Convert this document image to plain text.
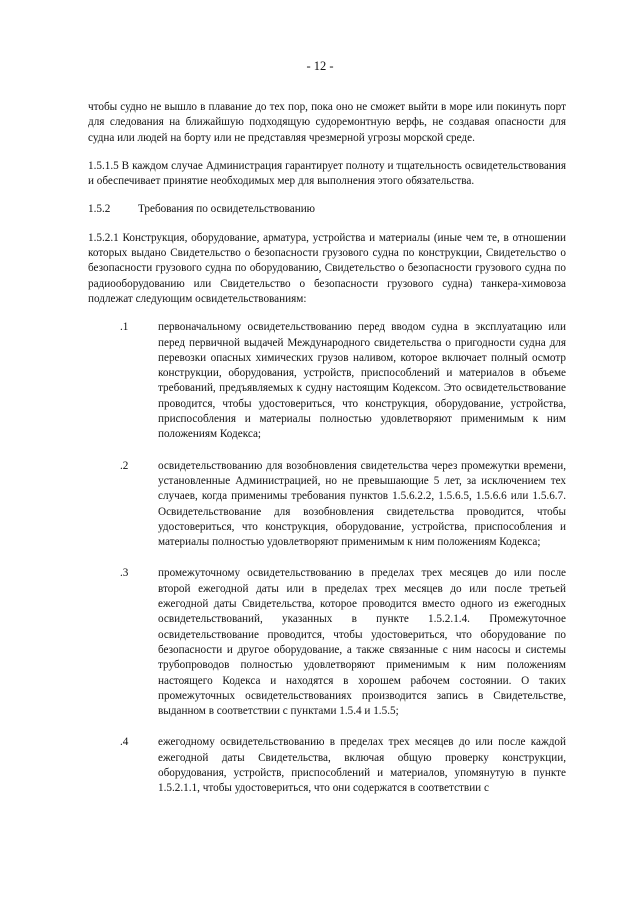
- 12 -

чтобы судно не вышло в плавание до тех пор, пока оно не сможет выйти в море или покинуть порт для следования на ближайшую подходящую судоремонтную верфь, не создавая опасности для судна или людей на борту или не представляя чрезмерной угрозы морской среде.

1.5.1.5 В каждом случае Администрация гарантирует полноту и тщательность освидетельствования и обеспечивает принятие необходимых мер для выполнения этого обязательства.

1.5.2	Требования по освидетельствованию

1.5.2.1 Конструкция, оборудование, арматура, устройства и материалы (иные чем те, в отношении которых выдано Свидетельство о безопасности грузового судна по конструкции, Свидетельство о безопасности грузового судна по оборудованию, Свидетельство о безопасности грузового судна по радиооборудованию или Свидетельство о безопасности грузового судна) танкера-химовоза подлежат следующим освидетельствованиям:

.1	первоначальному освидетельствованию перед вводом судна в эксплуатацию или перед первичной выдачей Международного свидетельства о пригодности судна для перевозки опасных химических грузов наливом, которое включает полный осмотр конструкции, оборудования, устройств, приспособлений и материалов в объеме требований, предъявляемых к судну настоящим Кодексом. Это освидетельствование проводится, чтобы удостовериться, что конструкция, оборудование, устройства, приспособления и материалы полностью удовлетворяют применимым к ним положениям Кодекса;
.2	освидетельствованию для возобновления свидетельства через промежутки времени, установленные Администрацией, но не превышающие 5 лет, за исключением тех случаев, когда применимы требования пунктов 1.5.6.2.2, 1.5.6.5, 1.5.6.6 или 1.5.6.7. Освидетельствование для возобновления свидетельства проводится, чтобы удостовериться, что конструкция, оборудование, устройства, приспособления и материалы полностью удовлетворяют применимым к ним положениям Кодекса;
.3	промежуточному освидетельствованию в пределах трех месяцев до или после второй ежегодной даты или в пределах трех месяцев до или после третьей ежегодной даты Свидетельства, которое проводится вместо одного из ежегодных освидетельствований, указанных в пункте 1.5.2.1.4. Промежуточное освидетельствование проводится, чтобы удостовериться, что оборудование по безопасности и другое оборудование, а также связанные с ним насосы и системы трубопроводов полностью удовлетворяют применимым к ним положениям настоящего Кодекса и находятся в хорошем рабочем состоянии. О таких промежуточных освидетельствованиях производится запись в Свидетельстве, выданном в соответствии с пунктами 1.5.4 и 1.5.5;
.4	ежегодному освидетельствованию в пределах трех месяцев до или после каждой ежегодной даты Свидетельства, включая общую проверку конструкции, оборудования, устройств, приспособлений и материалов, упомянутую в пункте 1.5.2.1.1, чтобы удостовериться, что они содержатся в соответствии с
